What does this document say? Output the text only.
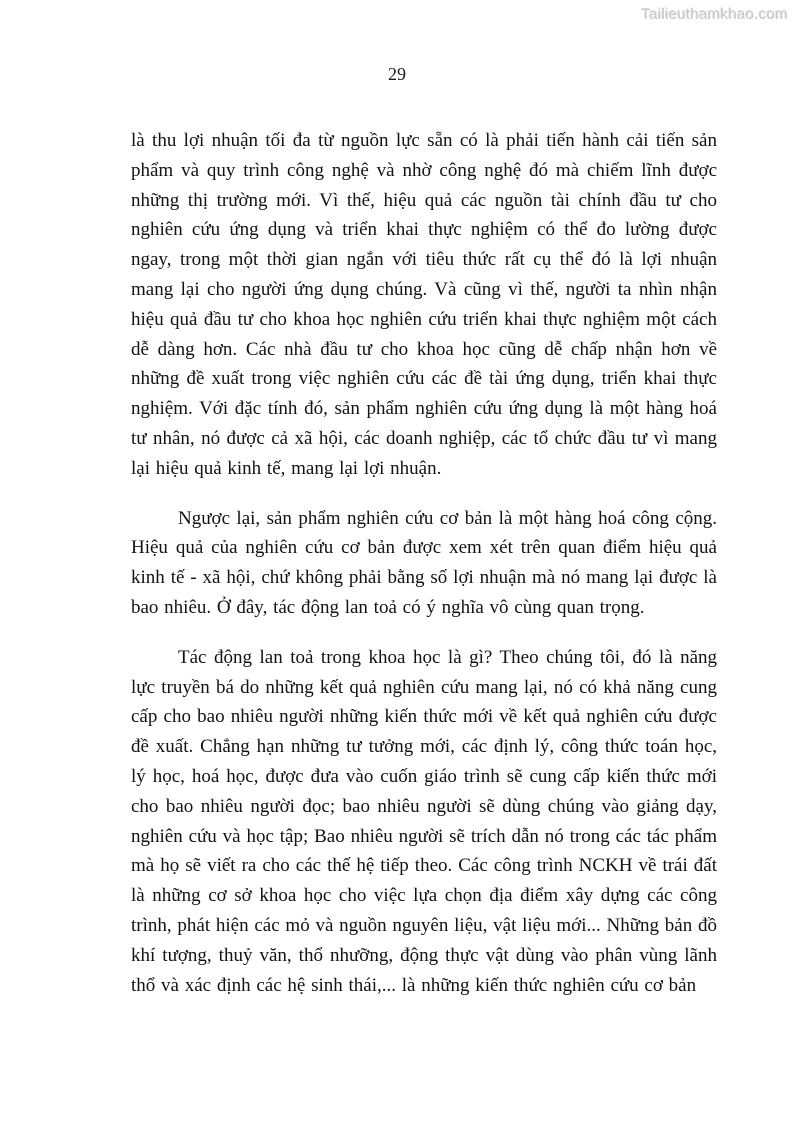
Tailieuthamkhao.com
29

là thu lợi nhuận tối đa từ nguồn lực sẵn có là phải tiến hành cải tiến sản phẩm và quy trình công nghệ và nhờ công nghệ đó mà chiếm lĩnh được những thị trường mới. Vì thế, hiệu quả các nguồn tài chính đầu tư cho nghiên cứu ứng dụng và triển khai thực nghiệm có thể đo lường được ngay, trong một thời gian ngắn với tiêu thức rất cụ thể đó là lợi nhuận mang lại cho người ứng dụng chúng. Và cũng vì thế, người ta nhìn nhận hiệu quả đầu tư cho khoa học nghiên cứu triển khai thực nghiệm một cách dễ dàng hơn. Các nhà đầu tư cho khoa học cũng dễ chấp nhận hơn về những đề xuất trong việc nghiên cứu các đề tài ứng dụng, triển khai thực nghiệm. Với đặc tính đó, sản phẩm nghiên cứu ứng dụng là một hàng hoá tư nhân, nó được cả xã hội, các doanh nghiệp, các tổ chức đầu tư vì mang lại hiệu quả kinh tế, mang lại lợi nhuận.

Ngược lại, sản phẩm nghiên cứu cơ bản là một hàng hoá công cộng. Hiệu quả của nghiên cứu cơ bản được xem xét trên quan điểm hiệu quả kinh tế - xã hội, chứ không phải bằng số lợi nhuận mà nó mang lại được là bao nhiêu. Ở đây, tác động lan toả có ý nghĩa vô cùng quan trọng.

Tác động lan toả trong khoa học là gì? Theo chúng tôi, đó là năng lực truyền bá do những kết quả nghiên cứu mang lại, nó có khả năng cung cấp cho bao nhiêu người những kiến thức mới về kết quả nghiên cứu được đề xuất. Chẳng hạn những tư tưởng mới, các định lý, công thức toán học, lý học, hoá học, được đưa vào cuốn giáo trình sẽ cung cấp kiến thức mới cho bao nhiêu người đọc; bao nhiêu người sẽ dùng chúng vào giảng dạy, nghiên cứu và học tập; Bao nhiêu người sẽ trích dẫn nó trong các tác phẩm mà họ sẽ viết ra cho các thế hệ tiếp theo. Các công trình NCKH về trái đất là những cơ sở khoa học cho việc lựa chọn địa điểm xây dựng các công trình, phát hiện các mỏ và nguồn nguyên liệu, vật liệu mới... Những bản đồ khí tượng, thuỷ văn, thổ nhưỡng, động thực vật dùng vào phân vùng lãnh thổ và xác định các hệ sinh thái,... là những kiến thức nghiên cứu cơ bản
